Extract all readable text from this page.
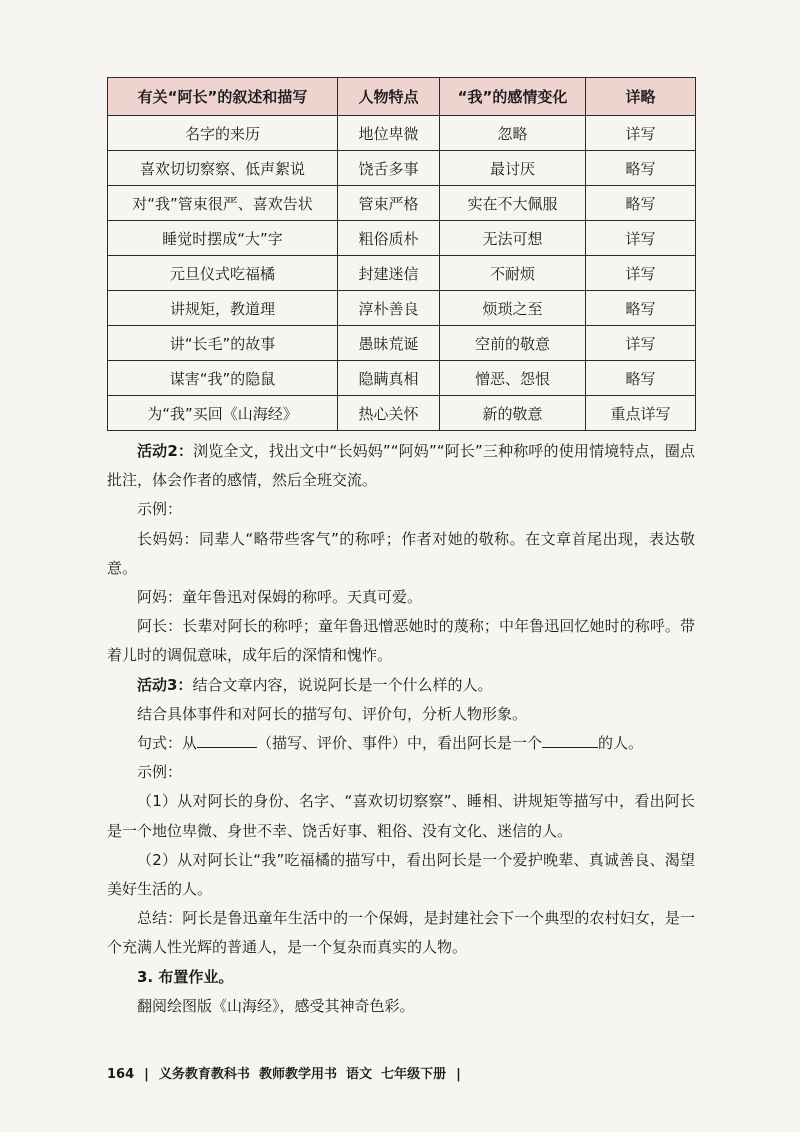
有关“阿长”的叙述和描写	人物特点	“我”的感情变化	详略
名字的来历	地位卑微	忽略	详写
喜欢切切察察、低声絮说	饶舌多事	最讨厌	略写
对“我”管束很严、喜欢告状	管束严格	实在不大佩服	略写
睡觉时摆成“大”字	粗俗质朴	无法可想	详写
元旦仪式吃福橘	封建迷信	不耐烦	详写
讲规矩，教道理	淳朴善良	烦琐之至	略写
讲“长毛”的故事	愚昧荒诞	空前的敬意	详写
谋害“我”的隐鼠	隐瞒真相	憎恶、怨恨	略写
为“我”买回《山海经》	热心关怀	新的敬意	重点详写

活动2：浏览全文，找出文中“长妈妈”“阿妈”“阿长”三种称呼的使用情境特点，圈点批注，体会作者的感情，然后全班交流。

示例：

长妈妈：同辈人“略带些客气”的称呼；作者对她的敬称。在文章首尾出现，表达敬意。

阿妈：童年鲁迅对保姆的称呼。天真可爱。

阿长：长辈对阿长的称呼；童年鲁迅憎恶她时的蔑称；中年鲁迅回忆她时的称呼。带着儿时的调侃意味，成年后的深情和愧怍。

活动3：结合文章内容，说说阿长是一个什么样的人。

结合具体事件和对阿长的描写句、评价句，分析人物形象。

句式：从	（描写、评价、事件）中，看出阿长是一个	的人。

示例：

（1）从对阿长的身份、名字、“喜欢切切察察”、睡相、讲规矩等描写中，看出阿长是一个地位卑微、身世不幸、饶舌好事、粗俗、没有文化、迷信的人。

（2）从对阿长让“我”吃福橘的描写中，看出阿长是一个爱护晚辈、真诚善良、渴望美好生活的人。

总结：阿长是鲁迅童年生活中的一个保姆，是封建社会下一个典型的农村妇女，是一个充满人性光辉的普通人，是一个复杂而真实的人物。

3. 布置作业。

翻阅绘图版《山海经》，感受其神奇色彩。

164 | 义务教育教科书 教师教学用书 语文 七年级下册 |
